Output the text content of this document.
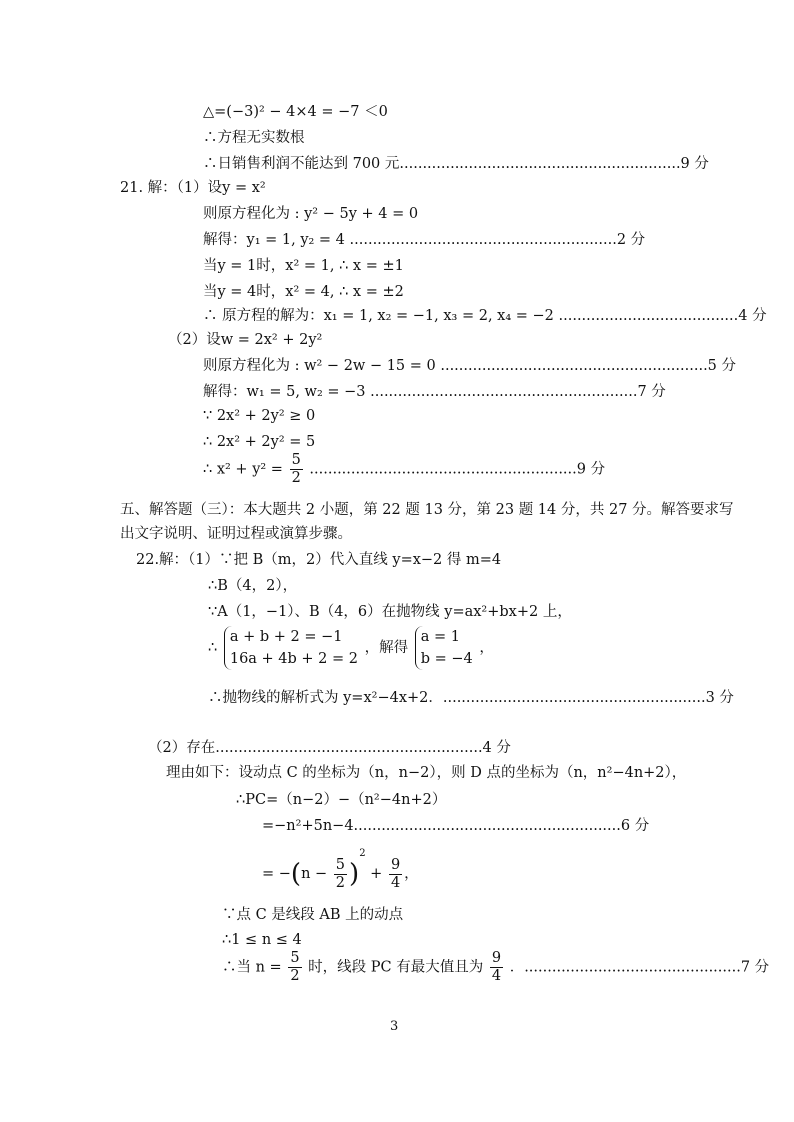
△=(−3)² − 4×4 = −7 ＜0
∴方程无实数根
∴日销售利润不能达到 700 元.............................................................9 分
21. 解：（1）设y = x²
则原方程化为 : y² − 5y + 4 = 0
解得：y₁ = 1, y₂ = 4 ..........................................................2 分
当y = 1时，x² = 1, ∴ x = ±1
当y = 4时，x² = 4, ∴ x = ±2
∴ 原方程的解为：x₁ = 1, x₂ = −1, x₃ = 2, x₄ = −2 .......................................4 分
（2）设w = 2x² + 2y²
则原方程化为 : w² − 2w − 15 = 0 ..........................................................5 分
解得：w₁ = 5, w₂ = −3 ..........................................................7 分
∵ 2x² + 2y² ≥ 0
∴ 2x² + 2y² = 5
∴ $x^2 + y^2 = \frac{5}{2} ..........................................................9$ 分
五、解答题（三）：本大题共 2 小题，第 22 题 13 分，第 23 题 14 分，共 27 分。解答要求写
出文字说明、证明过程或演算步骤。
22.解：（1）∵把 B（m，2）代入直线 y=x−2 得 m=4
∴B（4，2），
∵A（1，−1）、B（4，6）在抛物线 y=ax²+bx+2 上，
∴
a + b + 2 = −1
16a + 4b + 2 = 2
，解得
a = 1
b = −4
，
∴抛物线的解析式为 y=x²−4x+2．.........................................................3 分
（2）存在..........................................................4 分
理由如下：设动点 C 的坐标为（n，n−2），则 D 点的坐标为（n，n²−4n+2），
∴PC=（n−2）−（n²−4n+2）
=−n²+5n−4..........................................................6 分
= $-(n - \frac{5}{2} )^2 + \frac{9}{4}$ ，
∵点 C 是线段 AB 上的动点
∴1 ≤ n ≤ 4
∴当 $n = \frac{5}{2}$ 时，线段 PC 有最大值且为 $\frac{9}{4}$ ．...............................................7 分
3
